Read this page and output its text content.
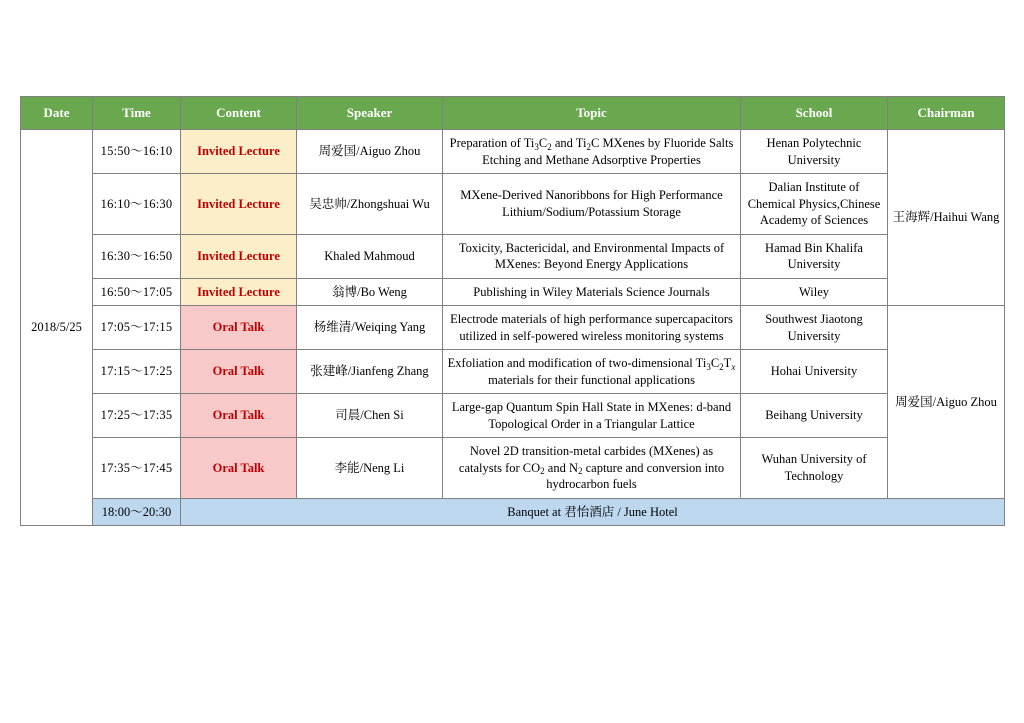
Date	Time	Content	Speaker	Topic	School	Chairman
2018/5/25	15:50～16:10	Invited Lecture	周爱国/Aiguo Zhou	Preparation of $Ti_3C_2$ and $Ti_2C$ MXenes by Fluoride Salts Etching and Methane Adsorptive Properties	Henan Polytechnic University	王海辉/Haihui Wang
	16:10～16:30	Invited Lecture	吴忠帅/Zhongshuai Wu	MXene-Derived Nanoribbons for High Performance Lithium/Sodium/Potassium Storage	Dalian Institute of Chemical Physics,Chinese Academy of Sciences	
	16:30～16:50	Invited Lecture	Khaled Mahmoud	Toxicity, Bactericidal, and Environmental Impacts of MXenes: Beyond Energy Applications	Hamad Bin Khalifa University	
	16:50～17:05	Invited Lecture	翁博/Bo Weng	Publishing in Wiley Materials Science Journals	Wiley	
	17:05～17:15	Oral Talk	杨维清/Weiqing Yang	Electrode materials of high performance supercapacitors utilized in self-powered wireless monitoring systems	Southwest Jiaotong University	周爱国/Aiguo Zhou
	17:15～17:25	Oral Talk	张建峰/Jianfeng Zhang	Exfoliation and modification of two-dimensional $Ti_3C_2T_x$ materials for their functional applications	Hohai University	
	17:25～17:35	Oral Talk	司晨/Chen Si	Large-gap Quantum Spin Hall State in MXenes: d-band Topological Order in a Triangular Lattice	Beihang University	
	17:35～17:45	Oral Talk	李能/Neng Li	Novel 2D transition-metal carbides (MXenes) as catalysts for $CO_2$ and $N_2$ capture and conversion into hydrocarbon fuels	Wuhan University of Technology	
	18:00～20:30	Banquet at 君怡酒店 / June Hotel				
